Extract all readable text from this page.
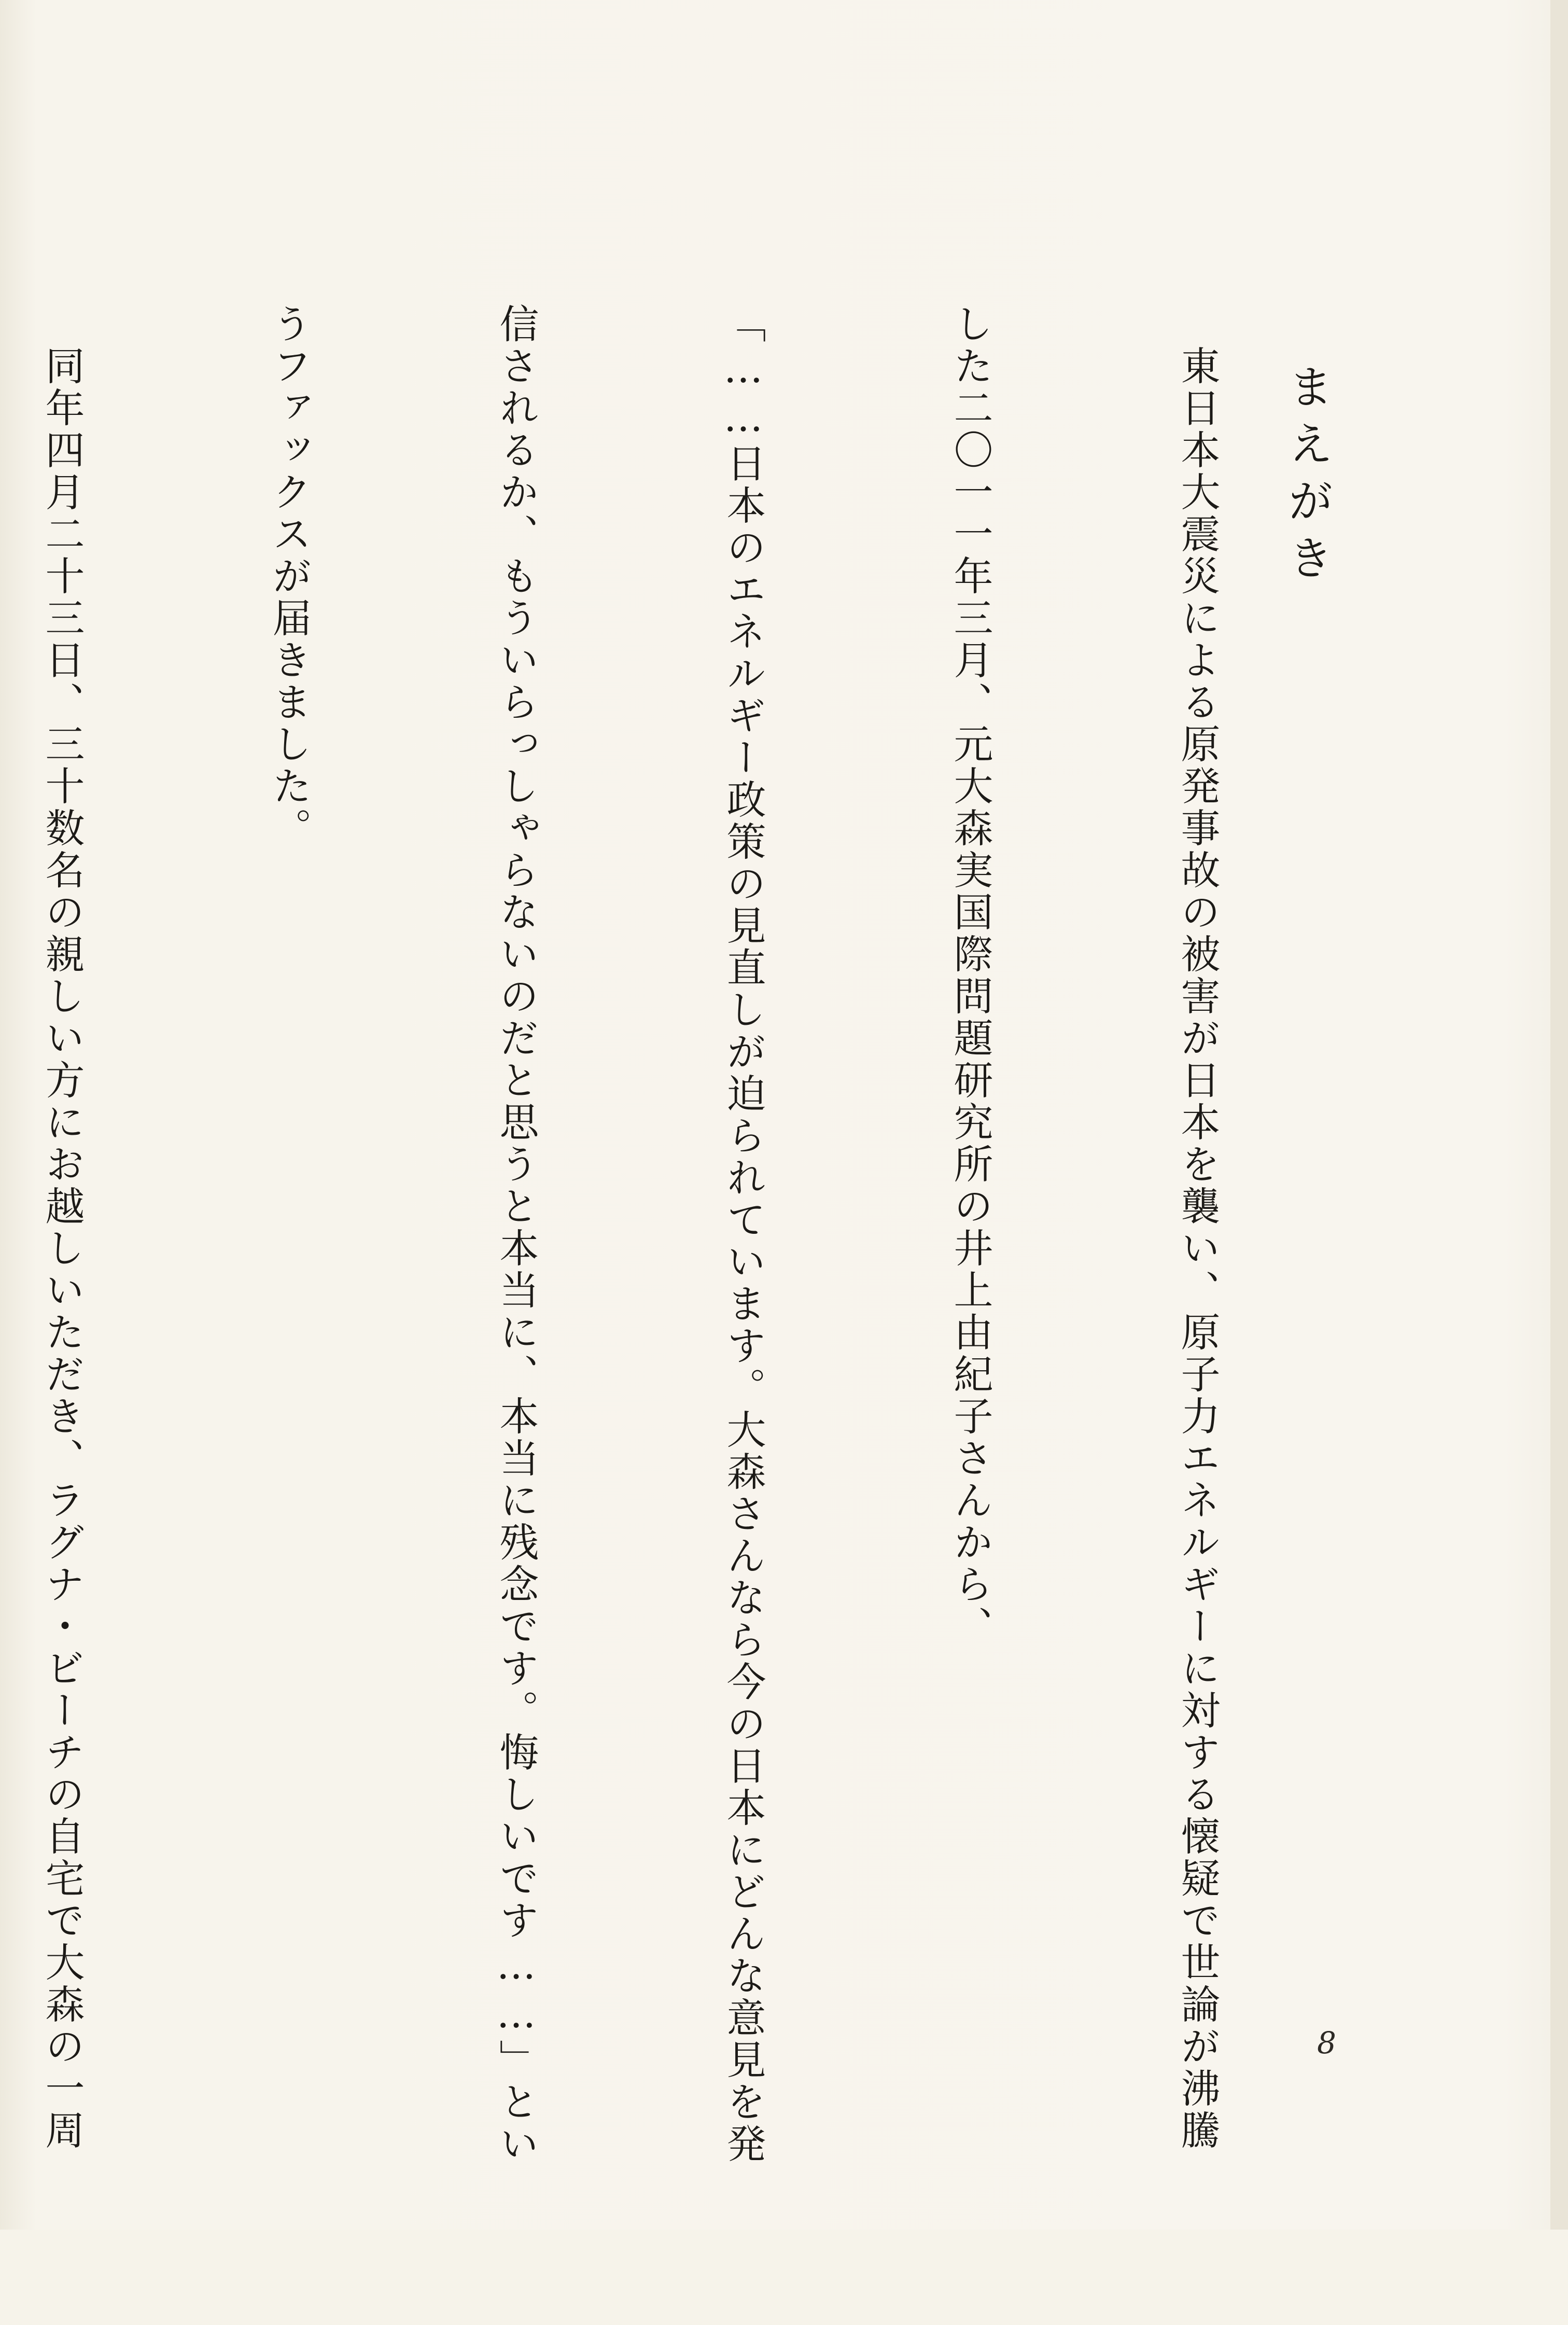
まえがき

　東日本大震災による原発事故の被害が日本を襲い、原子力エネルギーに対する懐疑で世論が沸騰

した二〇一一年三月、元大森実国際問題研究所の井上由紀子さんから、

「……日本のエネルギー政策の見直しが迫られています。大森さんなら今の日本にどんな意見を発

信されるか、もういらっしゃらないのだと思うと本当に、本当に残念です。悔しいです……」とい

うファックスが届きました。

　同年四月二十三日、三十数名の親しい方にお越しいただき、ラグナ・ビーチの自宅で大森の一周

	8
